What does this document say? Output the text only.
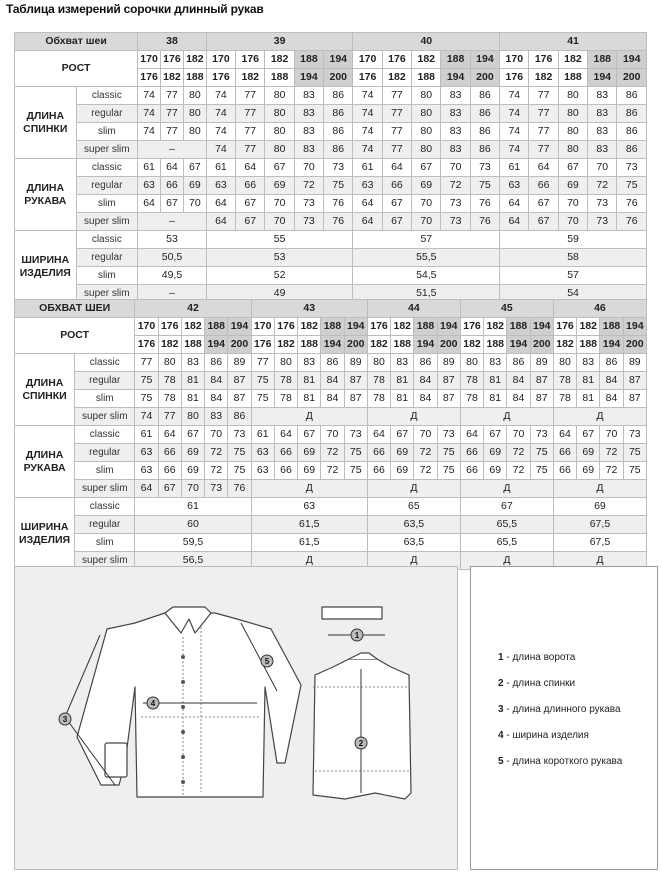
Таблица измерений сорочки длинный рукав
Обхват шеи		38			39					40					41				
РОСТ		170	176	182	170	176	182	188	194	170	176	182	188	194	170	176	182	188	194
		176	182	188	176	182	188	194	200	176	182	188	194	200	176	182	188	194	200
ДЛИНА СПИНКИ	classic	74	77	80	74	77	80	83	86	74	77	80	83	86	74	77	80	83	86
	regular	74	77	80	74	77	80	83	86	74	77	80	83	86	74	77	80	83	86
	slim	74	77	80	74	77	80	83	86	74	77	80	83	86	74	77	80	83	86
	super slim	–			74	77	80	83	86	74	77	80	83	86	74	77	80	83	86
ДЛИНА РУКАВА	classic	61	64	67	61	64	67	70	73	61	64	67	70	73	61	64	67	70	73
	regular	63	66	69	63	66	69	72	75	63	66	69	72	75	63	66	69	72	75
	slim	64	67	70	64	67	70	73	76	64	67	70	73	76	64	67	70	73	76
	super slim	–			64	67	70	73	76	64	67	70	73	76	64	67	70	73	76
ШИРИНА ИЗДЕЛИЯ	classic	53			55					57					59				
	regular	50,5			53					55,5					58				
	slim	49,5			52					54,5					57				
	super slim	–			49					51,5					54				
ОБХВАТ ШЕИ		42					43					44				45				46			
РОСТ		170	176	182	188	194	170	176	182	188	194	176	182	188	194	176	182	188	194	176	182	188	194
		176	182	188	194	200	176	182	188	194	200	182	188	194	200	182	188	194	200	182	188	194	200
ДЛИНА СПИНКИ	classic	77	80	83	86	89	77	80	83	86	89	80	83	86	89	80	83	86	89	80	83	86	89
	regular	75	78	81	84	87	75	78	81	84	87	78	81	84	87	78	81	84	87	78	81	84	87
	slim	75	78	81	84	87	75	78	81	84	87	78	81	84	87	78	81	84	87	78	81	84	87
	super slim	74	77	80	83	86	Д					Д				Д				Д			
ДЛИНА РУКАВА	classic	61	64	67	70	73	61	64	67	70	73	64	67	70	73	64	67	70	73	64	67	70	73
	regular	63	66	69	72	75	63	66	69	72	75	66	69	72	75	66	69	72	75	66	69	72	75
	slim	63	66	69	72	75	63	66	69	72	75	66	69	72	75	66	69	72	75	66	69	72	75
	super slim	64	67	70	73	76	Д					Д				Д				Д			
ШИРИНА ИЗДЕЛИЯ	classic	61					63					65				67				69			
	regular	60					61,5					63,5				65,5				67,5			
	slim	59,5					61,5					63,5				65,5				67,5			
	super slim	56,5					Д					Д				Д				Д			
1
2
3
4
5	1 - длина ворота
2 - длина спинки
3 - длина длинного рукава
4 - ширина изделия
5 - длина короткого рукава
